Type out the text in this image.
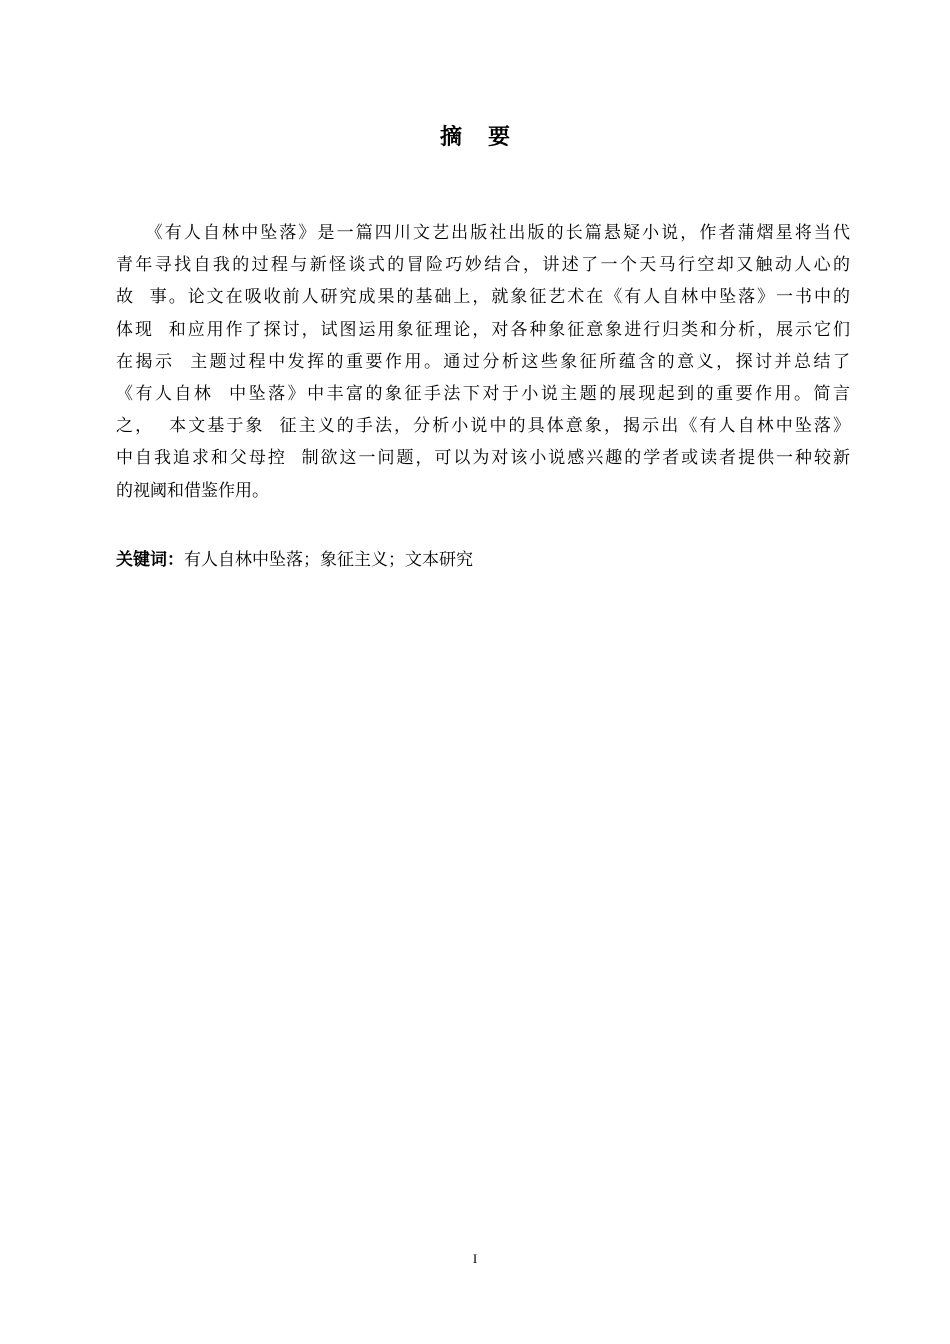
摘要
　　《有人自林中坠落》是一篇四川文艺出版社出版的长篇悬疑小说，作者蒲熠星将当代
青年寻找自我的过程与新怪谈式的冒险巧妙结合，讲述了一个天马行空却又触动人心的
故  事。论文在吸收前人研究成果的基础上，就象征艺术在《有人自林中坠落》一书中的
体现  和应用作了探讨，试图运用象征理论，对各种象征意象进行归类和分析，展示它们
在揭示  主题过程中发挥的重要作用。通过分析这些象征所蕴含的意义，探讨并总结了
《有人自林  中坠落》中丰富的象征手法下对于小说主题的展现起到的重要作用。简言
之，  本文基于象  征主义的手法，分析小说中的具体意象，揭示出《有人自林中坠落》
中自我追求和父母控  制欲这一问题，可以为对该小说感兴趣的学者或读者提供一种较新
的视阈和借鉴作用。
关键词：有人自林中坠落；象征主义；文本研究
I
